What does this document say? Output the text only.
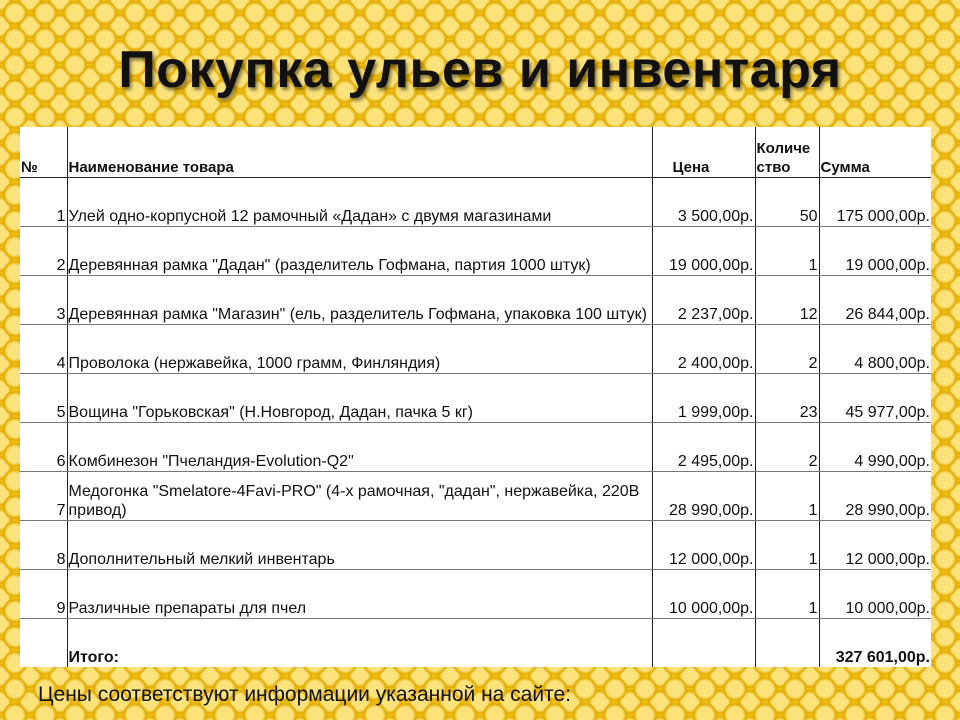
Покупка ульев и инвентаря
№	Наименование товара	Цена	Количество	Сумма
1	Улей одно-корпусной 12 рамочный «Дадан» с двумя магазинами	3 500,00р.	50	175 000,00р.
2	Деревянная рамка "Дадан" (разделитель Гофмана, партия 1000 штук)	19 000,00р.	1	19 000,00р.
3	Деревянная рамка "Магазин" (ель, разделитель Гофмана, упаковка 100 штук)	2 237,00р.	12	26 844,00р.
4	Проволока (нержавейка, 1000 грамм, Финляндия)	2 400,00р.	2	4 800,00р.
5	Вощина "Горьковская" (Н.Новгород, Дадан, пачка 5 кг)	1 999,00р.	23	45 977,00р.
6	Комбинезон "Пчеландия-Evolution-Q2"	2 495,00р.	2	4 990,00р.
7	Медогонка "Smelatore-4Favi-PRO" (4-х рамочная, "дадан", нержавейка, 220В привод)	28 990,00р.	1	28 990,00р.
8	Дополнительный мелкий инвентарь	12 000,00р.	1	12 000,00р.
9	Различные препараты для пчел	10 000,00р.	1	10 000,00р.
	Итого:			327 601,00р.
Цены соответствуют информации указанной на сайте:
